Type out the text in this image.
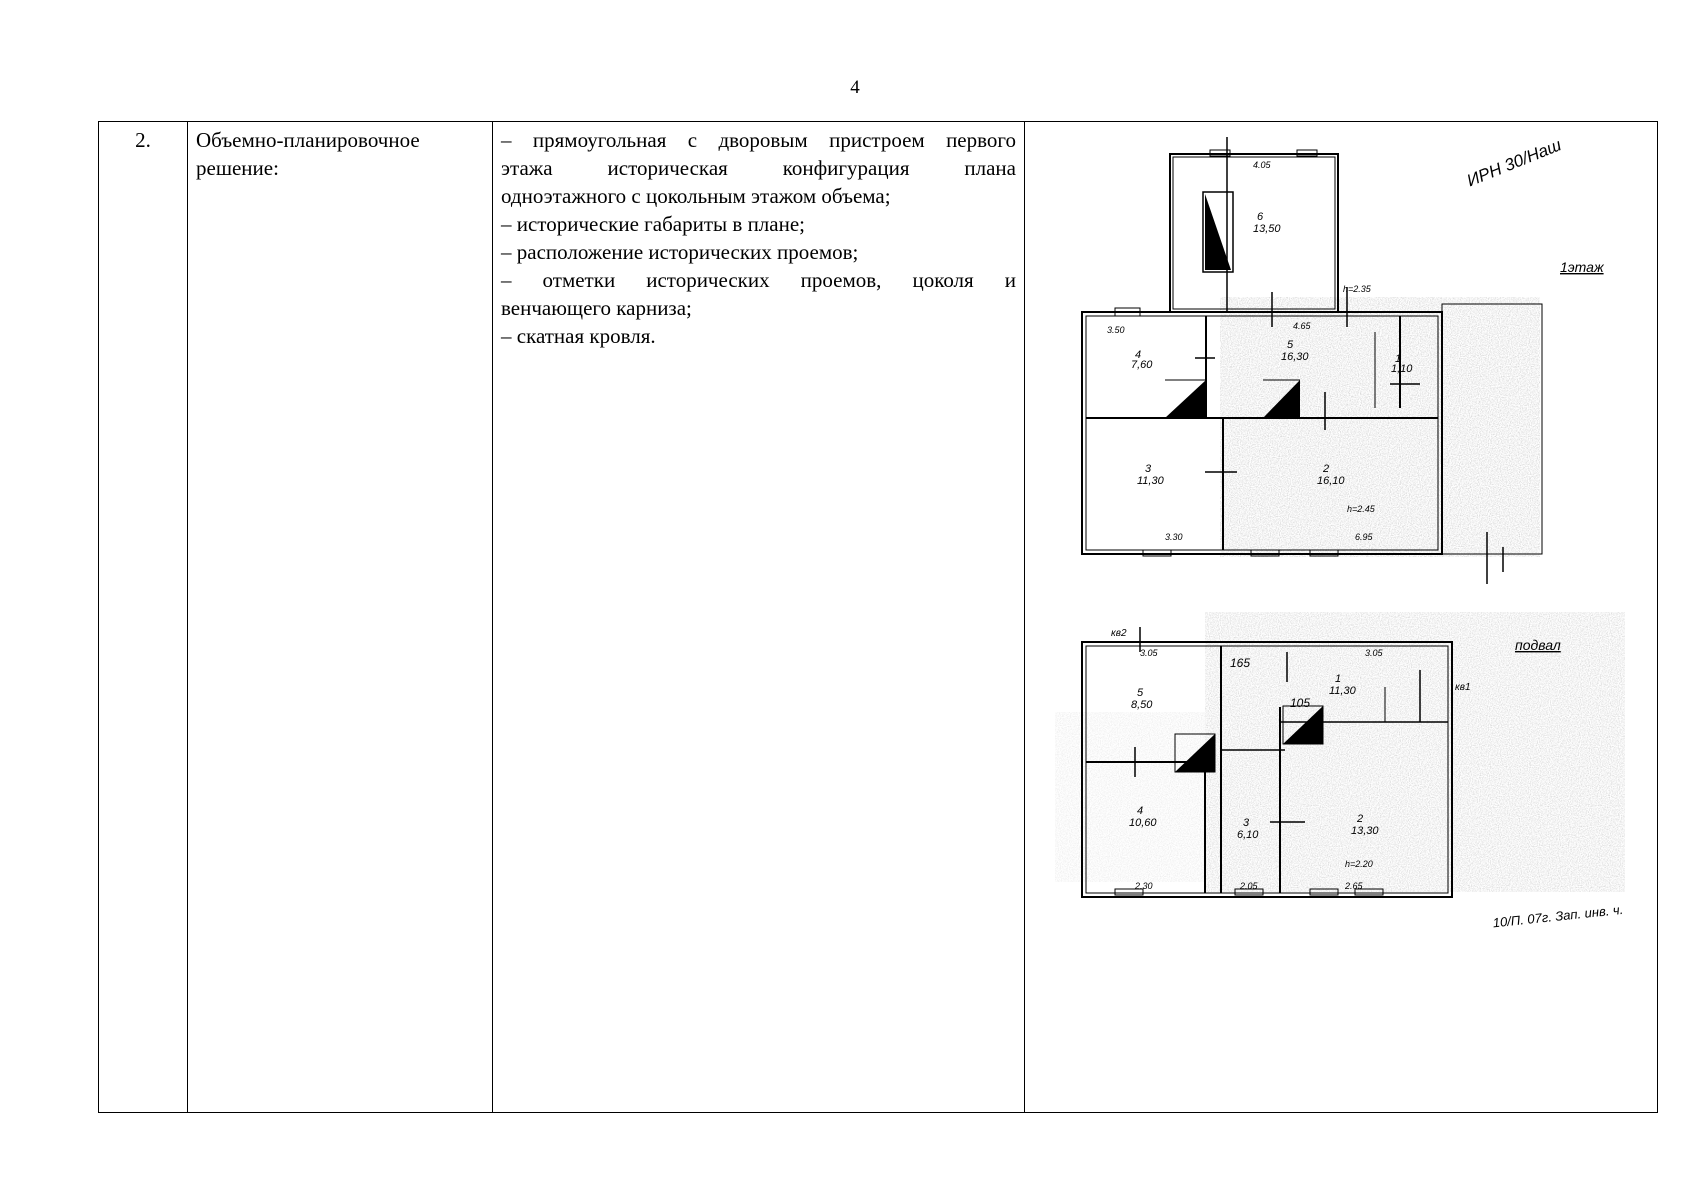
4
2.	Объемно-планировочное решение:	
– прямоугольная с дворовым пристроем первого
этажа историческая конфигурация плана
одноэтажного с цокольным этажом объема;
– исторические габариты в плане;
– расположение исторических проемов;
– отметки исторических проемов, цоколя и
венчающего карниза;
– скатная кровля.

6
13,50
4
7,60
5
16,30	1
1,10
3
11,30
2
16,10
3.50	4.65
3.30	6.95
h=2.45
4.05
h=2.35
5
8,50
1
11,30
4
10,60	3
6,10
2
13,30
165
105
кв2
кв1
2.30	2.05	2.65
3.05	3.05
h=2.20
1этаж
подвал
ИРН 30/Наш
10/П. 07г. Зап. инв. ч.
